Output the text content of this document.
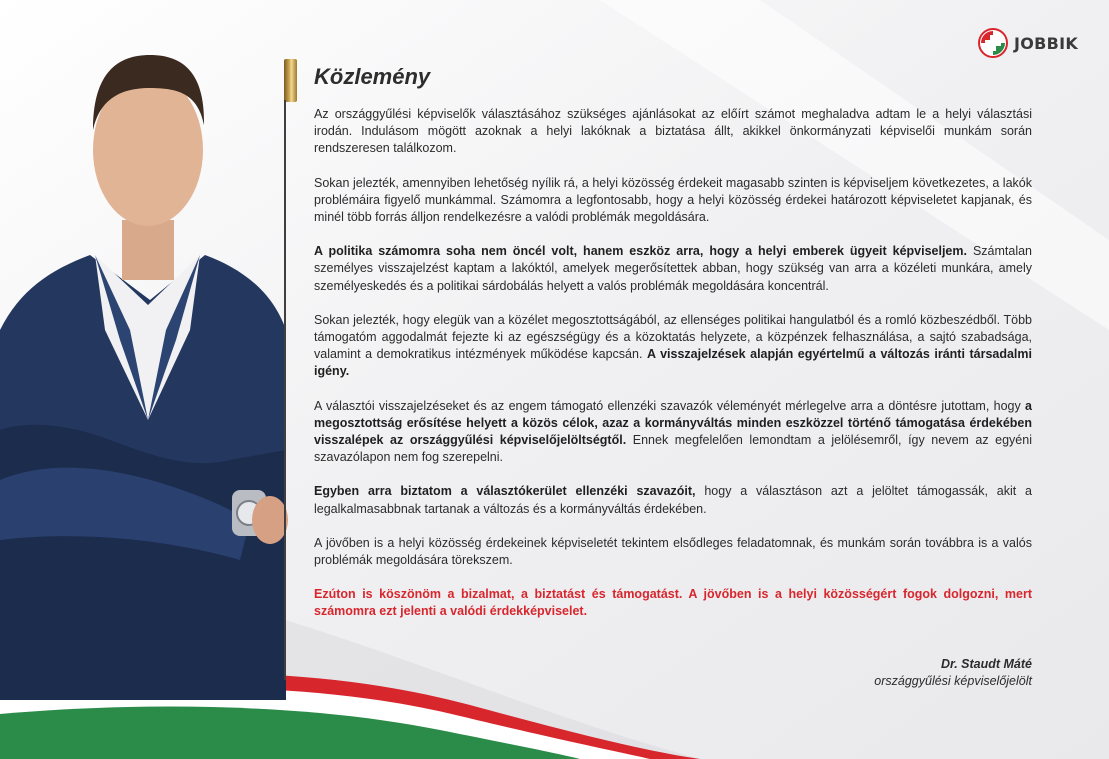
JOBBIK
Közlemény

Az országgyűlési képviselők választásához szükséges ajánlásokat az előírt számot meghaladva adtam le a helyi választási irodán. Indulásom mögött azoknak a helyi lakóknak a biztatása állt, akikkel önkormányzati képviselői munkám során rendszeresen találkozom.

Sokan jelezték, amennyiben lehetőség nyílik rá, a helyi közösség érdekeit magasabb szinten is képviseljem következetes, a lakók problémáira figyelő munkámmal. Számomra a legfontosabb, hogy a helyi közösség érdekei határozott képviseletet kapjanak, és minél több forrás álljon rendelkezésre a valódi problémák megoldására.

A politika számomra soha nem öncél volt, hanem eszköz arra, hogy a helyi emberek ügyeit képviseljem. Számtalan személyes visszajelzést kaptam a lakóktól, amelyek megerősítettek abban, hogy szükség van arra a közéleti munkára, amely személyeskedés és a politikai sárdobálás helyett a valós problémák megoldására koncentrál.

Sokan jelezték, hogy elegük van a közélet megosztottságából, az ellenséges politikai hangulatból és a romló közbeszédből. Több támogatóm aggodalmát fejezte ki az egészségügy és a közoktatás helyzete, a közpénzek felhasználása, a sajtó szabadsága, valamint a demokratikus intézmények működése kapcsán. A visszajelzések alapján egyértelmű a változás iránti társadalmi igény.

A választói visszajelzéseket és az engem támogató ellenzéki szavazók véleményét mérlegelve arra a döntésre jutottam, hogy a megosztottság erősítése helyett a közös célok, azaz a kormányváltás minden eszközzel történő támogatása érdekében visszalépek az országgyűlési képviselőjelöltségtől. Ennek megfelelően lemondtam a jelölésemről, így nevem az egyéni szavazólapon nem fog szerepelni.

Egyben arra biztatom a választókerület ellenzéki szavazóit, hogy a választáson azt a jelöltet támogassák, akit a legalkalmasabbnak tartanak a változás és a kormányváltás érdekében.

A jövőben is a helyi közösség érdekeinek képviseletét tekintem elsődleges feladatomnak, és munkám során továbbra is a valós problémák megoldására törekszem.

Ezúton is köszönöm a bizalmat, a biztatást és támogatást. A jövőben is a helyi közösségért fogok dolgozni, mert számomra ezt jelenti a valódi érdekképviselet.

Dr. Staudt Máté
országgyűlési képviselőjelölt
